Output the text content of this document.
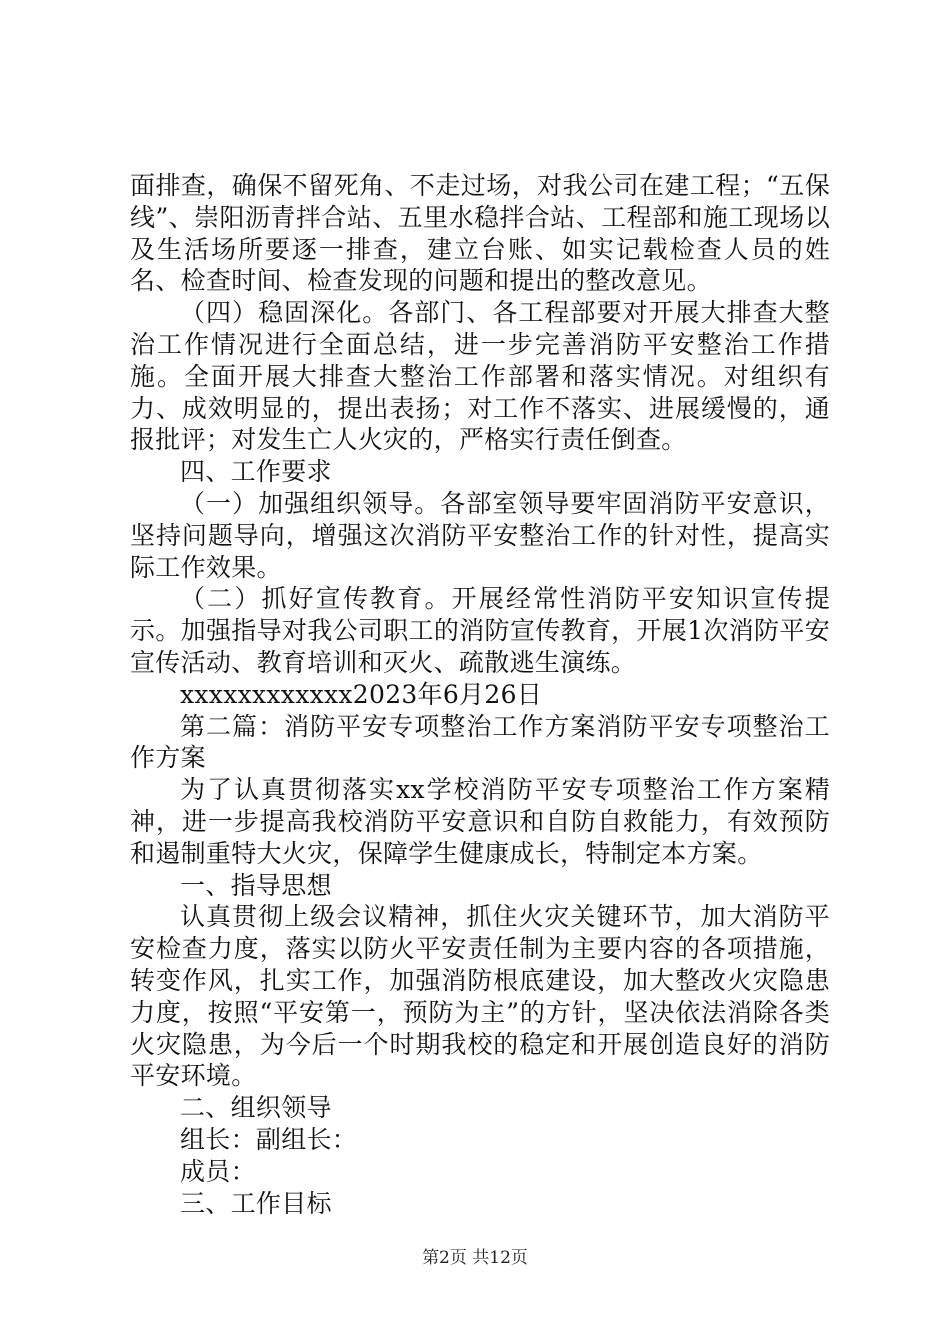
面排查，确保不留死角、不走过场，对我公司在建工程；“五保线”、崇阳沥青拌合站、五里水稳拌合站、工程部和施工现场以及生活场所要逐一排查，建立台账、如实记载检查人员的姓名、检查时间、检查发现的问题和提出的整改意见。

（四）稳固深化。各部门、各工程部要对开展大排查大整治工作情况进行全面总结，进一步完善消防平安整治工作措施。全面开展大排查大整治工作部署和落实情况。对组织有力、成效明显的，提出表扬；对工作不落实、进展缓慢的，通报批评；对发生亡人火灾的，严格实行责任倒查。

四、工作要求

（一）加强组织领导。各部室领导要牢固消防平安意识，坚持问题导向，增强这次消防平安整治工作的针对性，提高实际工作效果。

（二）抓好宣传教育。开展经常性消防平安知识宣传提示。加强指导对我公司职工的消防宣传教育，开展1次消防平安宣传活动、教育培训和灭火、疏散逃生演练。

xxxxxxxxxxxx2023年6月26日

第二篇：消防平安专项整治工作方案消防平安专项整治工作方案

为了认真贯彻落实xx学校消防平安专项整治工作方案精神，进一步提高我校消防平安意识和自防自救能力，有效预防和遏制重特大火灾，保障学生健康成长，特制定本方案。

一、指导思想

认真贯彻上级会议精神，抓住火灾关键环节，加大消防平安检查力度，落实以防火平安责任制为主要内容的各项措施，转变作风，扎实工作，加强消防根底建设，加大整改火灾隐患力度，按照“平安第一，预防为主”的方针，坚决依法消除各类火灾隐患，为今后一个时期我校的稳定和开展创造良好的消防平安环境。

二、组织领导

组长：副组长：

成员：

三、工作目标

第2页 共12页
